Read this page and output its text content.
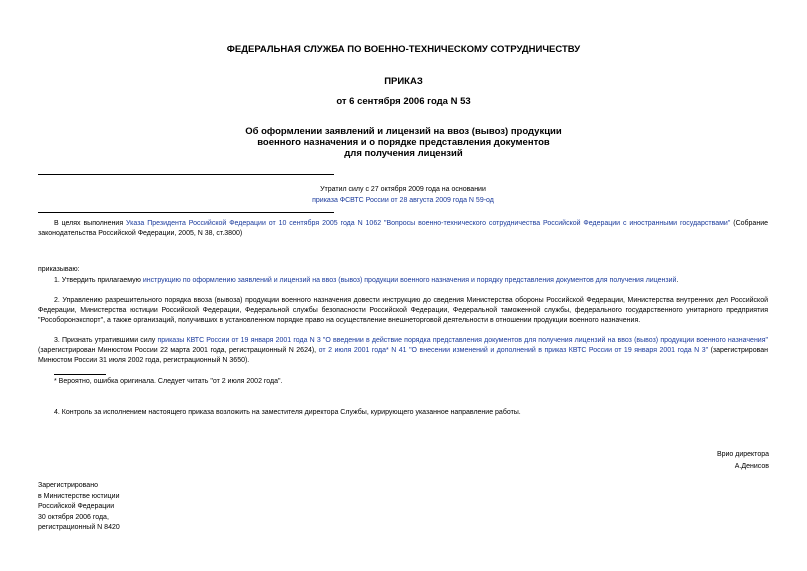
ФЕДЕРАЛЬНАЯ СЛУЖБА ПО ВОЕННО-ТЕХНИЧЕСКОМУ СОТРУДНИЧЕСТВУ
ПРИКАЗ
от 6 сентября 2006 года N 53
Об оформлении заявлений и лицензий на ввоз (вывоз) продукции
военного назначения и о порядке представления документов
для получения лицензий
Утратил силу с 27 октября 2009 года на основании
приказа ФСВТС России от 28 августа 2009 года N 59-од
В целях выполнения Указа Президента Российской Федерации от 10 сентября 2005 года N 1062 "Вопросы военно-технического сотрудничества Российской Федерации с иностранными государствами" (Собрание законодательства Российской Федерации, 2005, N 38, ст.3800)
приказываю:
1. Утвердить прилагаемую инструкцию по оформлению заявлений и лицензий на ввоз (вывоз) продукции военного назначения и порядку представления документов для получения лицензий.
2. Управлению разрешительного порядка ввоза (вывоза) продукции военного назначения довести инструкцию до сведения Министерства обороны Российской Федерации, Министерства внутренних дел Российской Федерации, Министерства юстиции Российской Федерации, Федеральной службы безопасности Российской Федерации, Федеральной таможенной службы, федерального государственного унитарного предприятия "Рособоронэкспорт", а также организаций, получивших в установленном порядке право на осуществление внешнеторговой деятельности в отношении продукции военного назначения.
3. Признать утратившими силу приказы КВТС России от 19 января 2001 года N 3 "О введении в действие порядка представления документов для получения лицензий на ввоз (вывоз) продукции военного назначения" (зарегистрирован Минюстом России 22 марта 2001 года, регистрационный N 2624), от 2 июля 2001 года* N 41 "О внесении изменений и дополнений в приказ КВТС России от 19 января 2001 года N 3" (зарегистрирован Минюстом России 31 июля 2002 года, регистрационный N 3650).
* Вероятно, ошибка оригинала. Следует читать "от 2 июля 2002 года".
4. Контроль за исполнением настоящего приказа возложить на заместителя директора Службы, курирующего указанное направление работы.
Врио директора
А.Денисов
Зарегистрировано
в Министерстве юстиции
Российской Федерации
30 октября 2006 года,
регистрационный N 8420
